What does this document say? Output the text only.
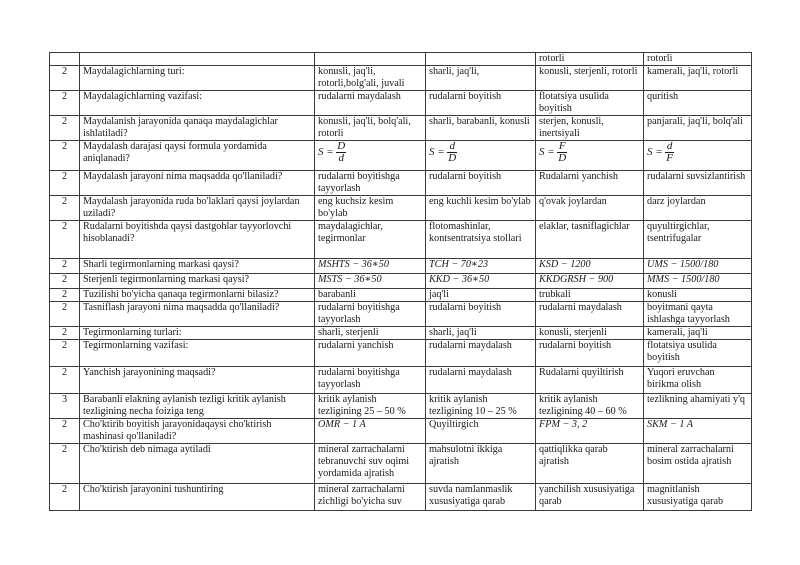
				rotorli	rotorli
2	Maydalagichlarning turi:	konusli, jaq'li, rotorli,bolg'ali, juvali	sharli, jaq'li,	konusli, sterjenli, rotorli	kamerali, jaq'li, rotorli
2	Maydalagichlarning vazifasi:	rudalarni maydalash	rudalarni boyitish	flotatsiya usulida boyitish	quritish
2	Maydalanish jarayonida qanaqa maydalagichlar ishlatiladi?	konusli, jaq'li, bolq'ali, rotorli	sharli, barabanli, konusli	sterjen, konusli, inertsiyali	panjarali, jaq'li, bolq'ali
2	Maydalash darajasi qaysi formula yordamida aniqlanadi?	$S = \frac{D}{d}$	$S = \frac{d}{D}$	$S = \frac{F}{D}$	$S = \frac{d}{F}$

2	Maydalash jarayoni nima maqsadda qo'llaniladi?	rudalarni boyitishga tayyorlash	rudalarni boyitish	Rudalarni yanchish	rudalarni suvsizlantirish
2	Maydalash jarayonida ruda bo'laklari qaysi joylardan uziladi?	eng kuchsiz kesim bo'ylab	eng kuchli kesim bo'ylab	q'ovak joylardan	darz joylardan
2	Rudalarni boyitishda qaysi dastgohlar tayyorlovchi hisoblanadi?	maydalagichlar, tegirmonlar	flotomashinlar, kontsentratsiya stollari	elaklar, tasniflagichlar	quyultirgichlar, tsentrifugalar
2	Sharli tegirmonlarning markasi qaysi?	MSHTS − 36∗50	TCH − 70∗23	KSD − 1200	UMS − 1500/180
2	Sterjenli tegirmonlarning markasi qaysi?	MSTS − 36∗50	KKD − 36∗50	KKDGRSH − 900	MMS − 1500/180
2	Tuzilishi bo'yicha qanaqa tegirmonlarni bilasiz?	barabanli	jaq'li	trubkali	konusli
2	Tasniflash jarayoni nima maqsadda qo'llaniladi?	rudalarni boyitishga tayyorlash	rudalarni boyitish	rudalarni maydalash	boyitmani qayta ishlashga tayyorlash
2	Tegirmonlarning turlari:	sharli, sterjenli	sharli, jaq'li	konusli, sterjenli	kamerali, jaq'li
2	Tegirmonlarning vazifasi:	rudalarni yanchish	rudalarni maydalash	rudalarni boyitish	flotatsiya usulida boyitish
2	Yanchish jarayonining maqsadi?	rudalarni boyitishga tayyorlash	rudalarni maydalash	Rudalarni quyiltirish	Yuqori eruvchan birikma olish
3	Barabanli elakning aylanish tezligi kritik aylanish tezligining necha foiziga teng	kritik aylanish tezligining 25 – 50 %	kritik aylanish tezligining 10 – 25 %	kritik aylanish tezligining 40 – 60 %	tezlikning ahamiyati y'q
2	Cho'ktirib boyitish jarayonidaqaysi cho'ktirish mashinasi qo'llaniladi?	OMR − 1 A	Quyiltirgich	FPM − 3, 2	SKM − 1 A
2	Cho'ktirish deb nimaga aytiladi	mineral zarrachalarni tebranuvchi suv oqimi yordamida ajratish	mahsulotni ikkiga ajratish	qattiqlikka qarab ajratish	mineral zarrachalarni bosim ostida ajratish
2	Cho'ktirish jarayonini tushuntiring	mineral zarrachalarni zichligi bo'yicha suv	suvda namlanmaslik xususiyatiga qarab	yanchilish xususiyatiga qarab	magnitlanish xususiyatiga qarab
